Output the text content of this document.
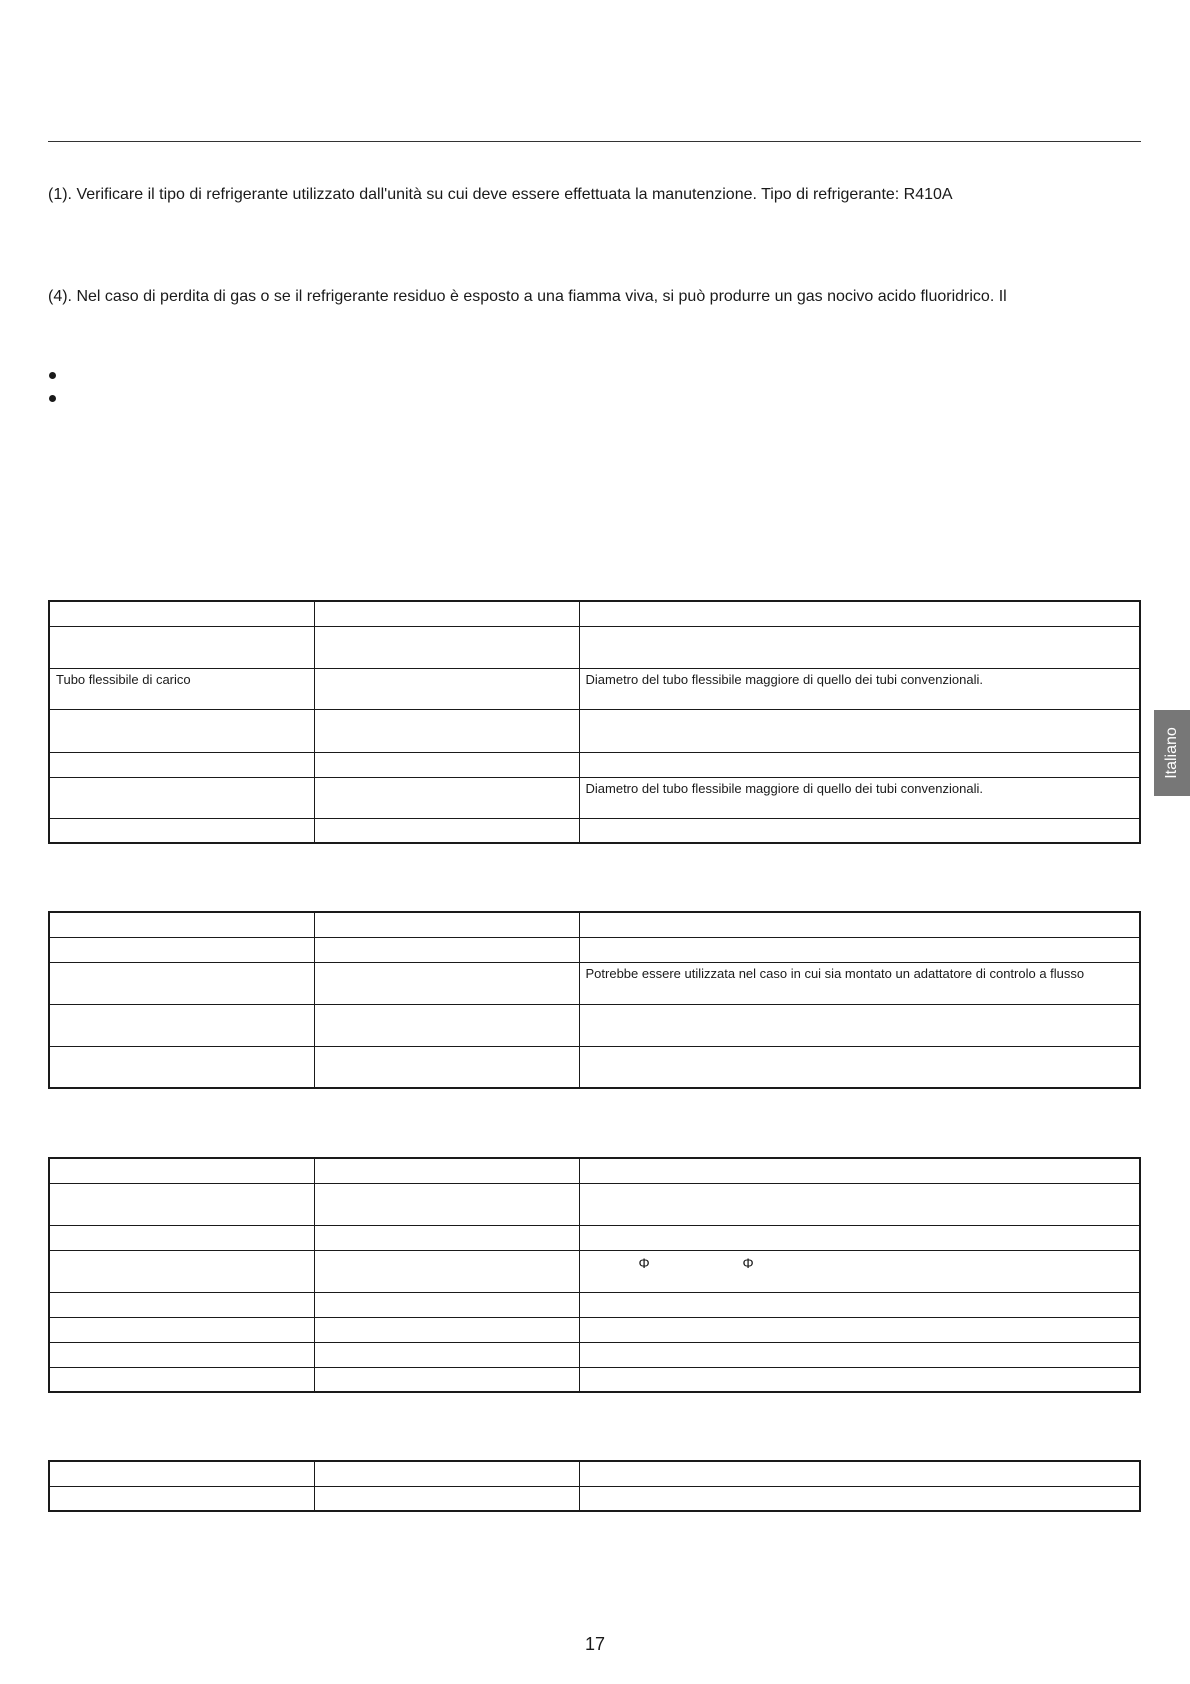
(1). Verificare il tipo di refrigerante utilizzato dall'unità su cui deve essere effettuata la manutenzione. Tipo di refrigerante: R410A
(4). Nel caso di perdita di gas o se il refrigerante residuo è esposto a una fiamma viva, si può produrre un gas nocivo acido fluoridrico. Il

Tubo flessibile di carico		Diametro del tubo flessibile maggiore di quello dei tubi convenzionali.

		Diametro del tubo flessibile maggiore di quello dei tubi convenzionali.

		Potrebbe essere utilizzata nel caso in cui sia montato un adattatore di controlo a flusso

		Φ Φ

Italiano
17
